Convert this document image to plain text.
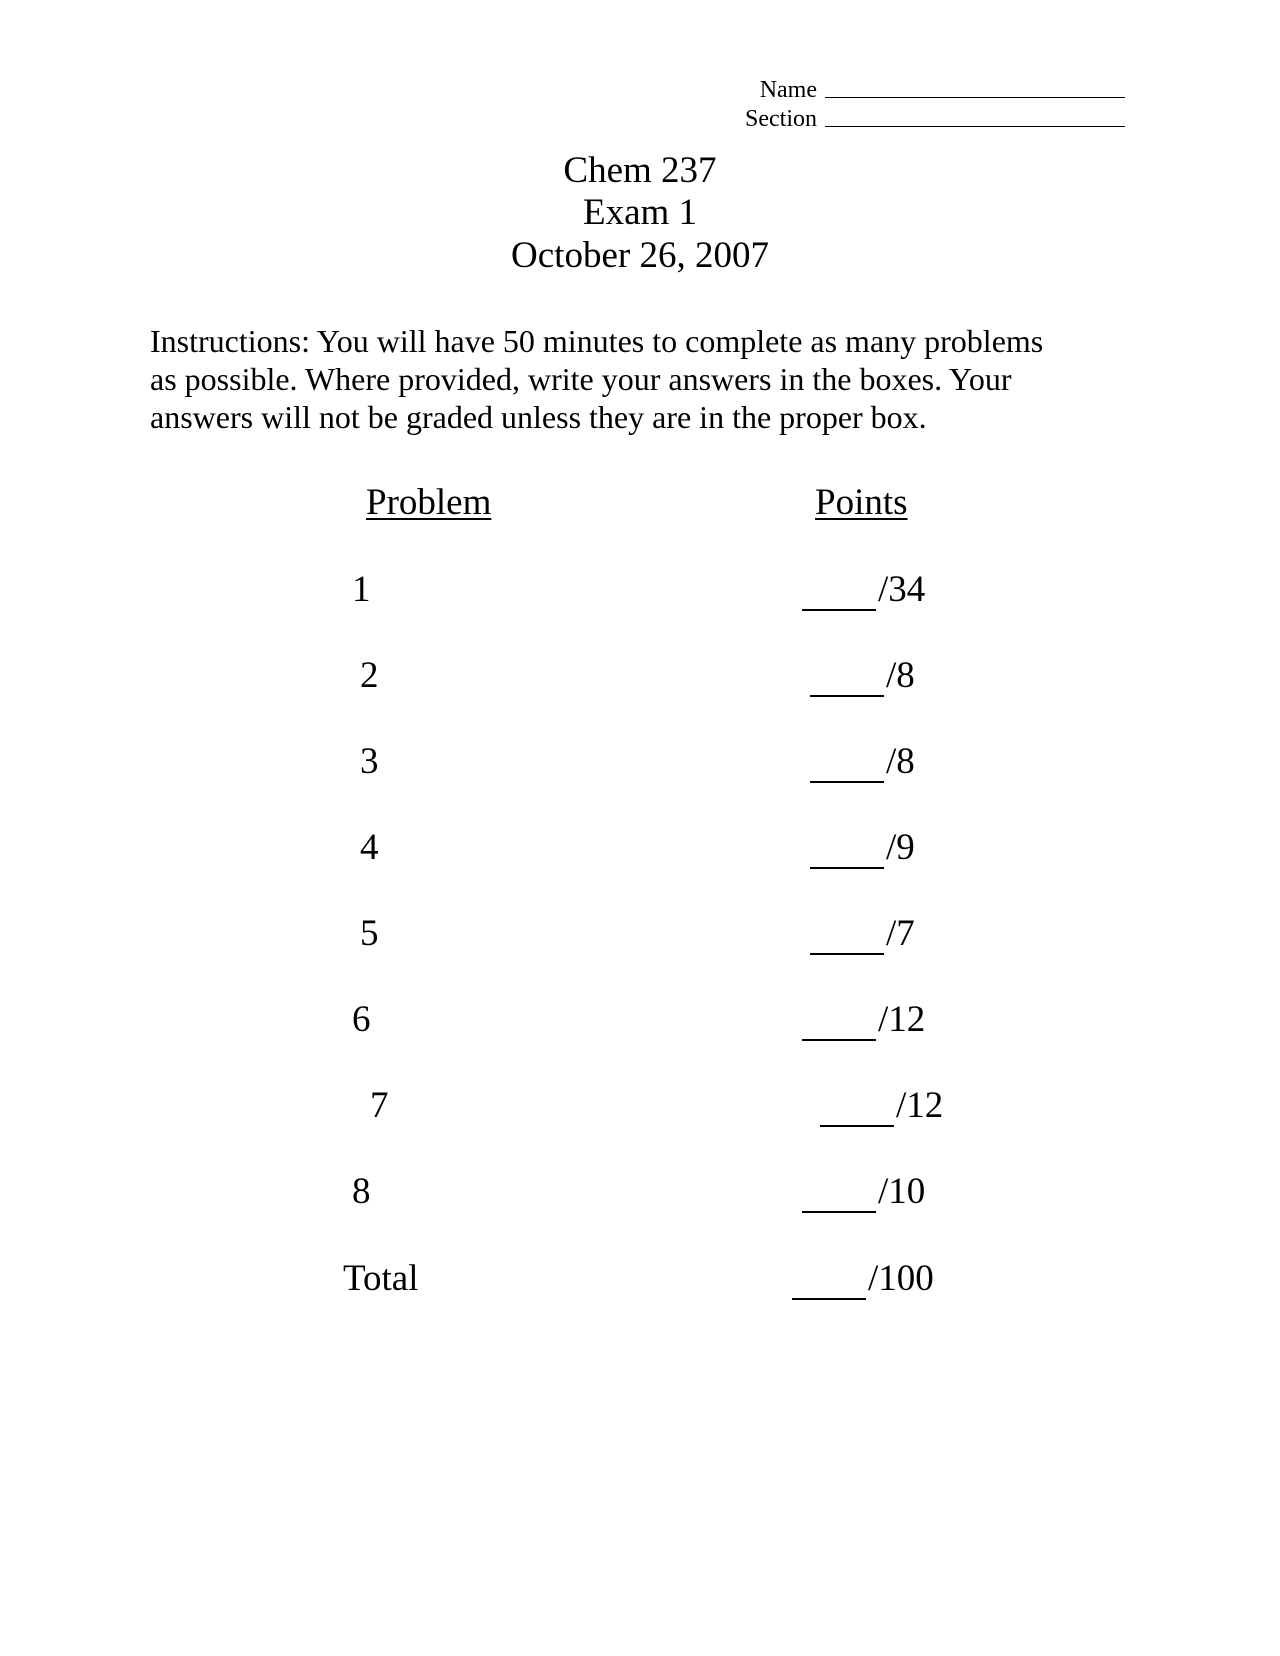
Name
Section
Chem 237
Exam 1
October 26, 2007
Instructions: You will have 50 minutes to complete as many problems
as possible. Where provided, write your answers in the boxes. Your
answers will not be graded unless they are in the proper box.
Problem	Points
1	/34
2	/8
3	/8
4	/9
5	/7
6	/12
7	/12
8	/10
Total	/100
